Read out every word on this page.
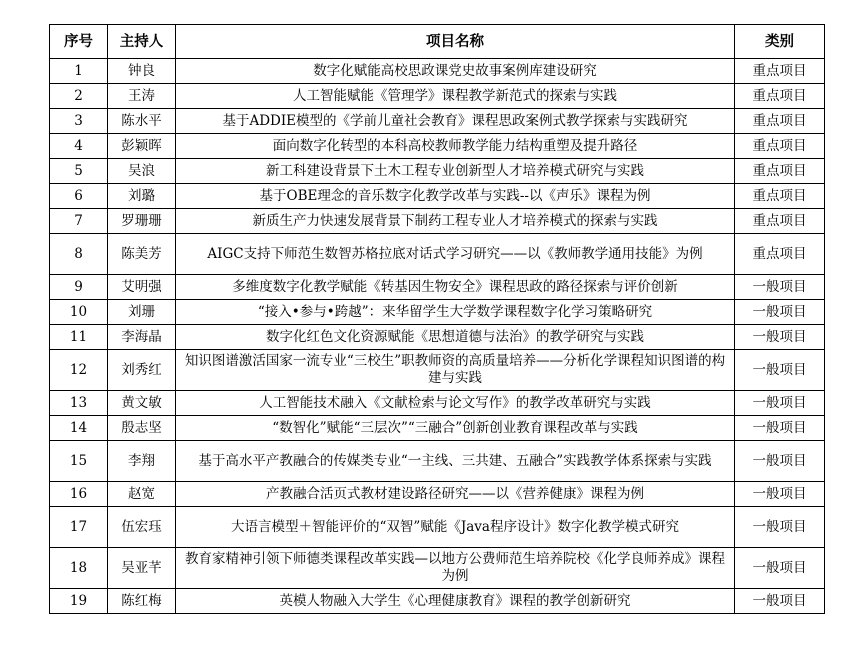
序号	主持人	项目名称	类别
1	钟良	数字化赋能高校思政课党史故事案例库建设研究	重点项目
2	王涛	人工智能赋能《管理学》课程教学新范式的探索与实践	重点项目
3	陈水平	基于ADDIE模型的《学前儿童社会教育》课程思政案例式教学探索与实践研究	重点项目
4	彭颖晖	面向数字化转型的本科高校教师教学能力结构重塑及提升路径	重点项目
5	吴浪	新工科建设背景下土木工程专业创新型人才培养模式研究与实践	重点项目
6	刘璐	基于OBE理念的音乐数字化教学改革与实践--以《声乐》课程为例	重点项目
7	罗珊珊	新质生产力快速发展背景下制药工程专业人才培养模式的探索与实践	重点项目
8	陈美芳	AIGC支持下师范生数智苏格拉底对话式学习研究——以《教师教学通用技能》为例	重点项目
9	艾明强	多维度数字化教学赋能《转基因生物安全》课程思政的路径探索与评价创新	一般项目
10	刘珊	“接入•参与•跨越”：来华留学生大学数学课程数字化学习策略研究	一般项目
11	李海晶	数字化红色文化资源赋能《思想道德与法治》的教学研究与实践	一般项目
12	刘秀红	知识图谱激活国家一流专业“三校生”职教师资的高质量培养——分析化学课程知识图谱的构建与实践	一般项目
13	黄文敏	人工智能技术融入《文献检索与论文写作》的教学改革研究与实践	一般项目
14	殷志坚	“数智化”赋能“三层次”“三融合”创新创业教育课程改革与实践	一般项目
15	李翔	基于高水平产教融合的传媒类专业“一主线、三共建、五融合”实践教学体系探索与实践	一般项目
16	赵宽	产教融合活页式教材建设路径研究——以《营养健康》课程为例	一般项目
17	伍宏珏	大语言模型＋智能评价的“双智”赋能《Java程序设计》数字化教学模式研究	一般项目
18	吴亚芊	教育家精神引领下师德类课程改革实践—以地方公费师范生培养院校《化学良师养成》课程为例	一般项目
19	陈红梅	英模人物融入大学生《心理健康教育》课程的教学创新研究	一般项目
